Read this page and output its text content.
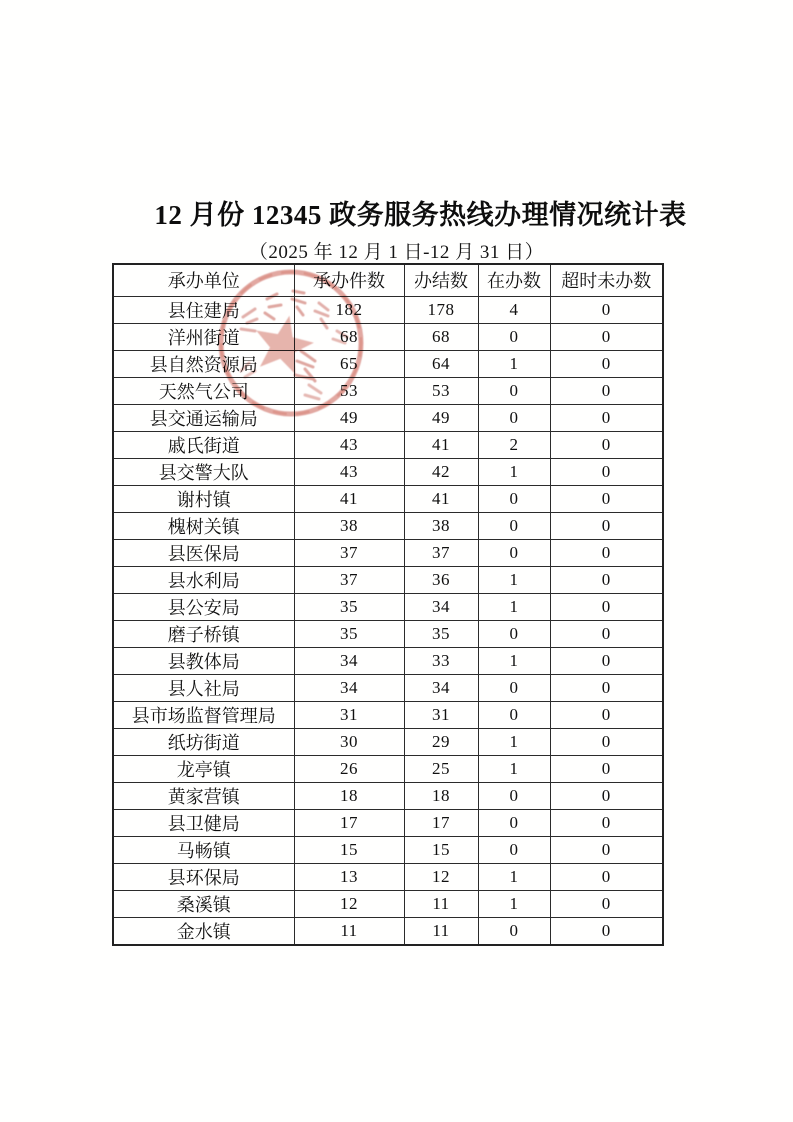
12 月份 12345 政务服务热线办理情况统计表
（2025 年 12 月 1 日-12 月 31 日）
承办单位	承办件数	办结数	在办数	超时未办数
县住建局	182	178	4	0
洋州街道	68	68	0	0
县自然资源局	65	64	1	0
天然气公司	53	53	0	0
县交通运输局	49	49	0	0
戚氏街道	43	41	2	0
县交警大队	43	42	1	0
谢村镇	41	41	0	0
槐树关镇	38	38	0	0
县医保局	37	37	0	0
县水利局	37	36	1	0
县公安局	35	34	1	0
磨子桥镇	35	35	0	0
县教体局	34	33	1	0
县人社局	34	34	0	0
县市场监督管理局	31	31	0	0
纸坊街道	30	29	1	0
龙亭镇	26	25	1	0
黄家营镇	18	18	0	0
县卫健局	17	17	0	0
马畅镇	15	15	0	0
县环保局	13	12	1	0
桑溪镇	12	11	1	0
金水镇	11	11	0	0
